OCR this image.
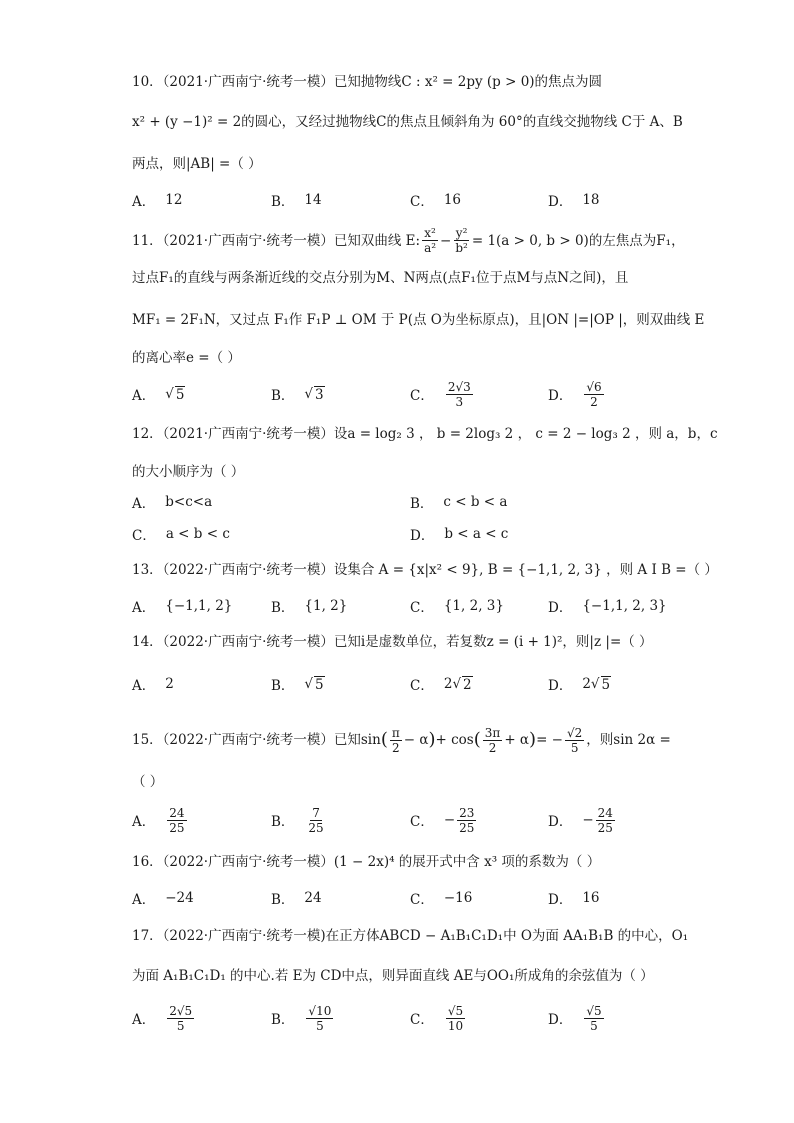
10．（2021·广西南宁·统考一模）已知抛物线C : x² = 2py (p > 0)的焦点为圆
x² + (y −1)² = 2的圆心，又经过抛物线C的焦点且倾斜角为 60°的直线交抛物线 C于 A、B
两点，则|AB| =（ ）
A． 12	B． 14	C． 16	D． 18
11．（2021·广西南宁·统考一模）已知双曲线 E: $\frac{\text{x²}}{\text{a²}} - \frac{\text{y²}}{\text{b²}} = 1(a > 0$, b > 0) 的左焦点为F₁，
过点F₁的直线与两条渐近线的交点分别为M、N两点(点F₁位于点M与点N之间)，且
MF₁ = 2F₁N，又过点 F₁作 F₁P ⊥ OM 于 P(点 O为坐标原点)，且|ON |=|OP |，则双曲线 E
的离心率e =（ ）
A． √ 5	B． √ 3	C． $\frac{2√3}{3}$	D． $\frac{√6}{2}$
12．（2021·广西南宁·统考一模）设a = log₂ 3 ， b = 2log₃ 2 ， c = 2 − log₃ 2 ，则 a，b，c
的大小顺序为（ ）
A． b<c<a	B． c < b < a
C． a < b < c	D． b < a < c
13．（2022·广西南宁·统考一模）设集合 A = {x|x² < 9}, B = {−1,1, 2, 3} ，则 A I B =（ ）
A． {−1,1, 2}	B． {1, 2}	C． {1, 2, 3}	D． {−1,1, 2, 3}
14．（2022·广西南宁·统考一模）已知i是虚数单位，若复数z = (i + 1)²，则|z |=（ ）
A． 2	B． √ 5	C． 2 √ 2	D． 2 √ 5
15．（2022·广西南宁·统考一模）已知 sin ( $\frac{\pi}{2} - \alpha$ ) + cos ( $\frac{3\pi}{2} + \alpha$ ) = − $\frac{√2}{5}$ ，则sin 2α =
（ ）
A． $\frac{24}{25}$	B． $\frac{7}{25}$	C． − $\frac{23}{25}$	D． − $\frac{24}{25}$
16．（2022·广西南宁·统考一模）(1 − 2x)⁴ 的展开式中含 x³ 项的系数为（ ）
A． −24	B． 24	C． −16	D． 16
17．（2022·广西南宁·统考一模)在正方体ABCD − A₁B₁C₁D₁中 O为面 AA₁B₁B 的中心，O₁
为面 A₁B₁C₁D₁ 的中心.若 E为 CD中点，则异面直线 AE与OO₁所成角的余弦值为（ ）
A． $\frac{2√5}{5}$	B． $\frac{√10}{5}$	C． $\frac{√5}{10}$	D． $\frac{√5}{5}$
